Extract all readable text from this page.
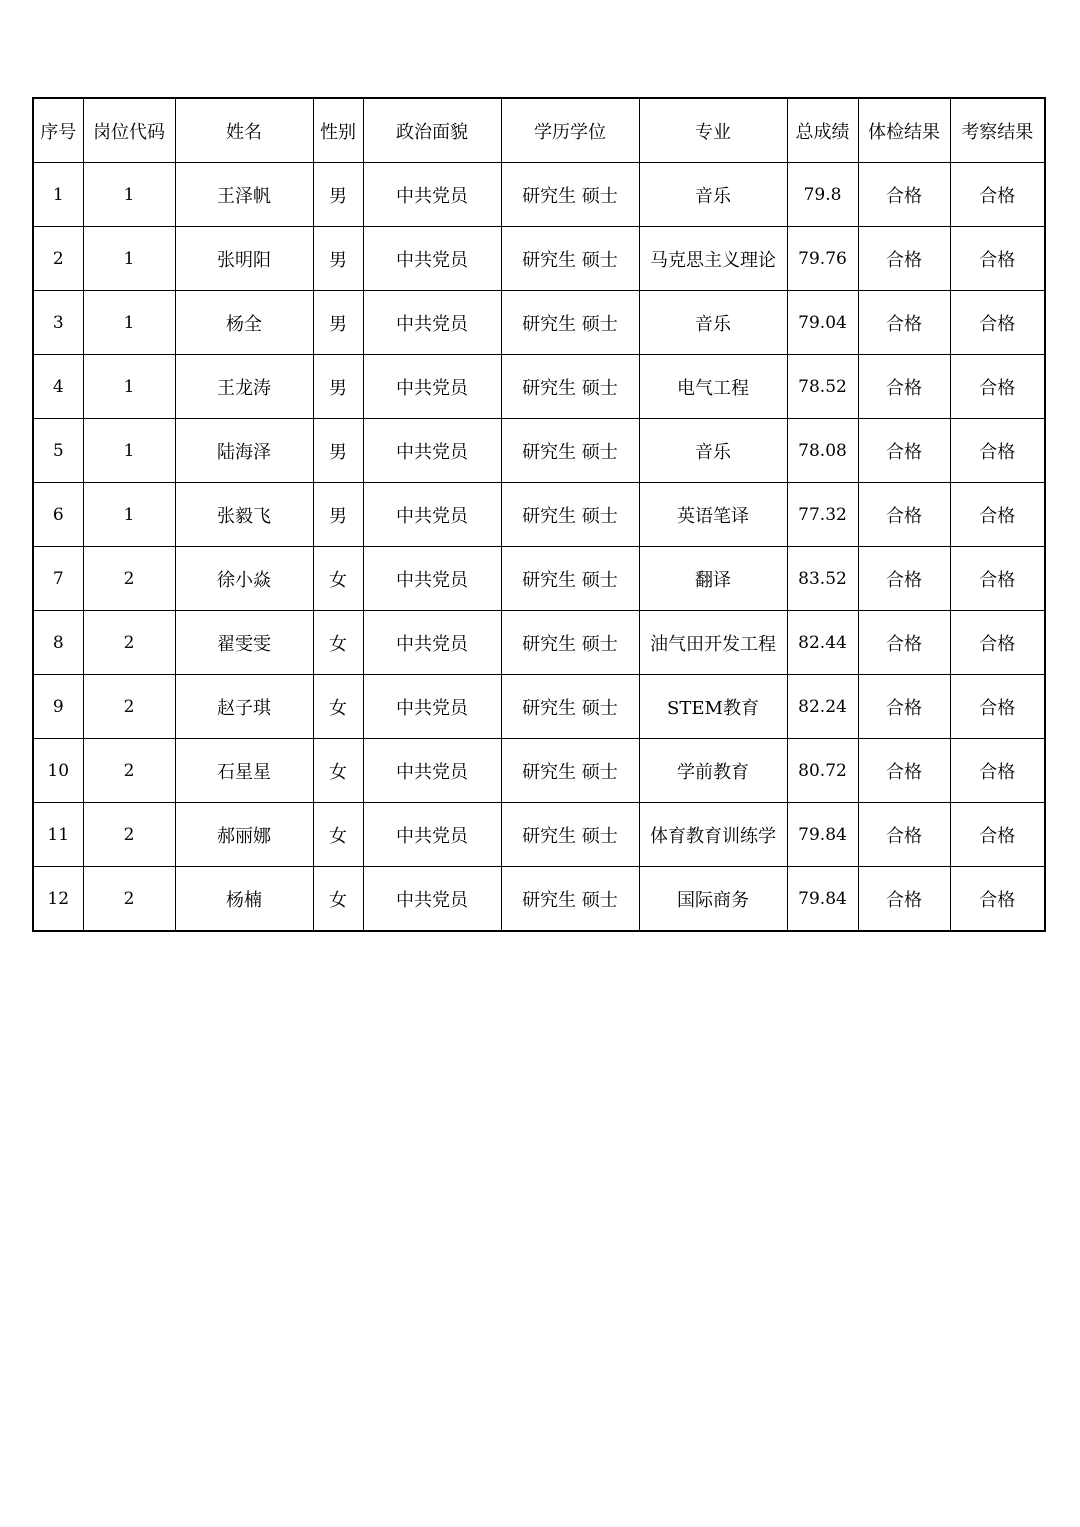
序号	岗位代码	姓名	性别	政治面貌	学历学位	专业	总成绩	体检结果	考察结果
1	1	王泽帆	男	中共党员	研究生 硕士	音乐	79.8	合格	合格
2	1	张明阳	男	中共党员	研究生 硕士	马克思主义理论	79.76	合格	合格
3	1	杨全	男	中共党员	研究生 硕士	音乐	79.04	合格	合格
4	1	王龙涛	男	中共党员	研究生 硕士	电气工程	78.52	合格	合格
5	1	陆海泽	男	中共党员	研究生 硕士	音乐	78.08	合格	合格
6	1	张毅飞	男	中共党员	研究生 硕士	英语笔译	77.32	合格	合格
7	2	徐小焱	女	中共党员	研究生 硕士	翻译	83.52	合格	合格
8	2	翟雯雯	女	中共党员	研究生 硕士	油气田开发工程	82.44	合格	合格
9	2	赵子琪	女	中共党员	研究生 硕士	STEM教育	82.24	合格	合格
10	2	石星星	女	中共党员	研究生 硕士	学前教育	80.72	合格	合格
11	2	郝丽娜	女	中共党员	研究生 硕士	体育教育训练学	79.84	合格	合格
12	2	杨楠	女	中共党员	研究生 硕士	国际商务	79.84	合格	合格
